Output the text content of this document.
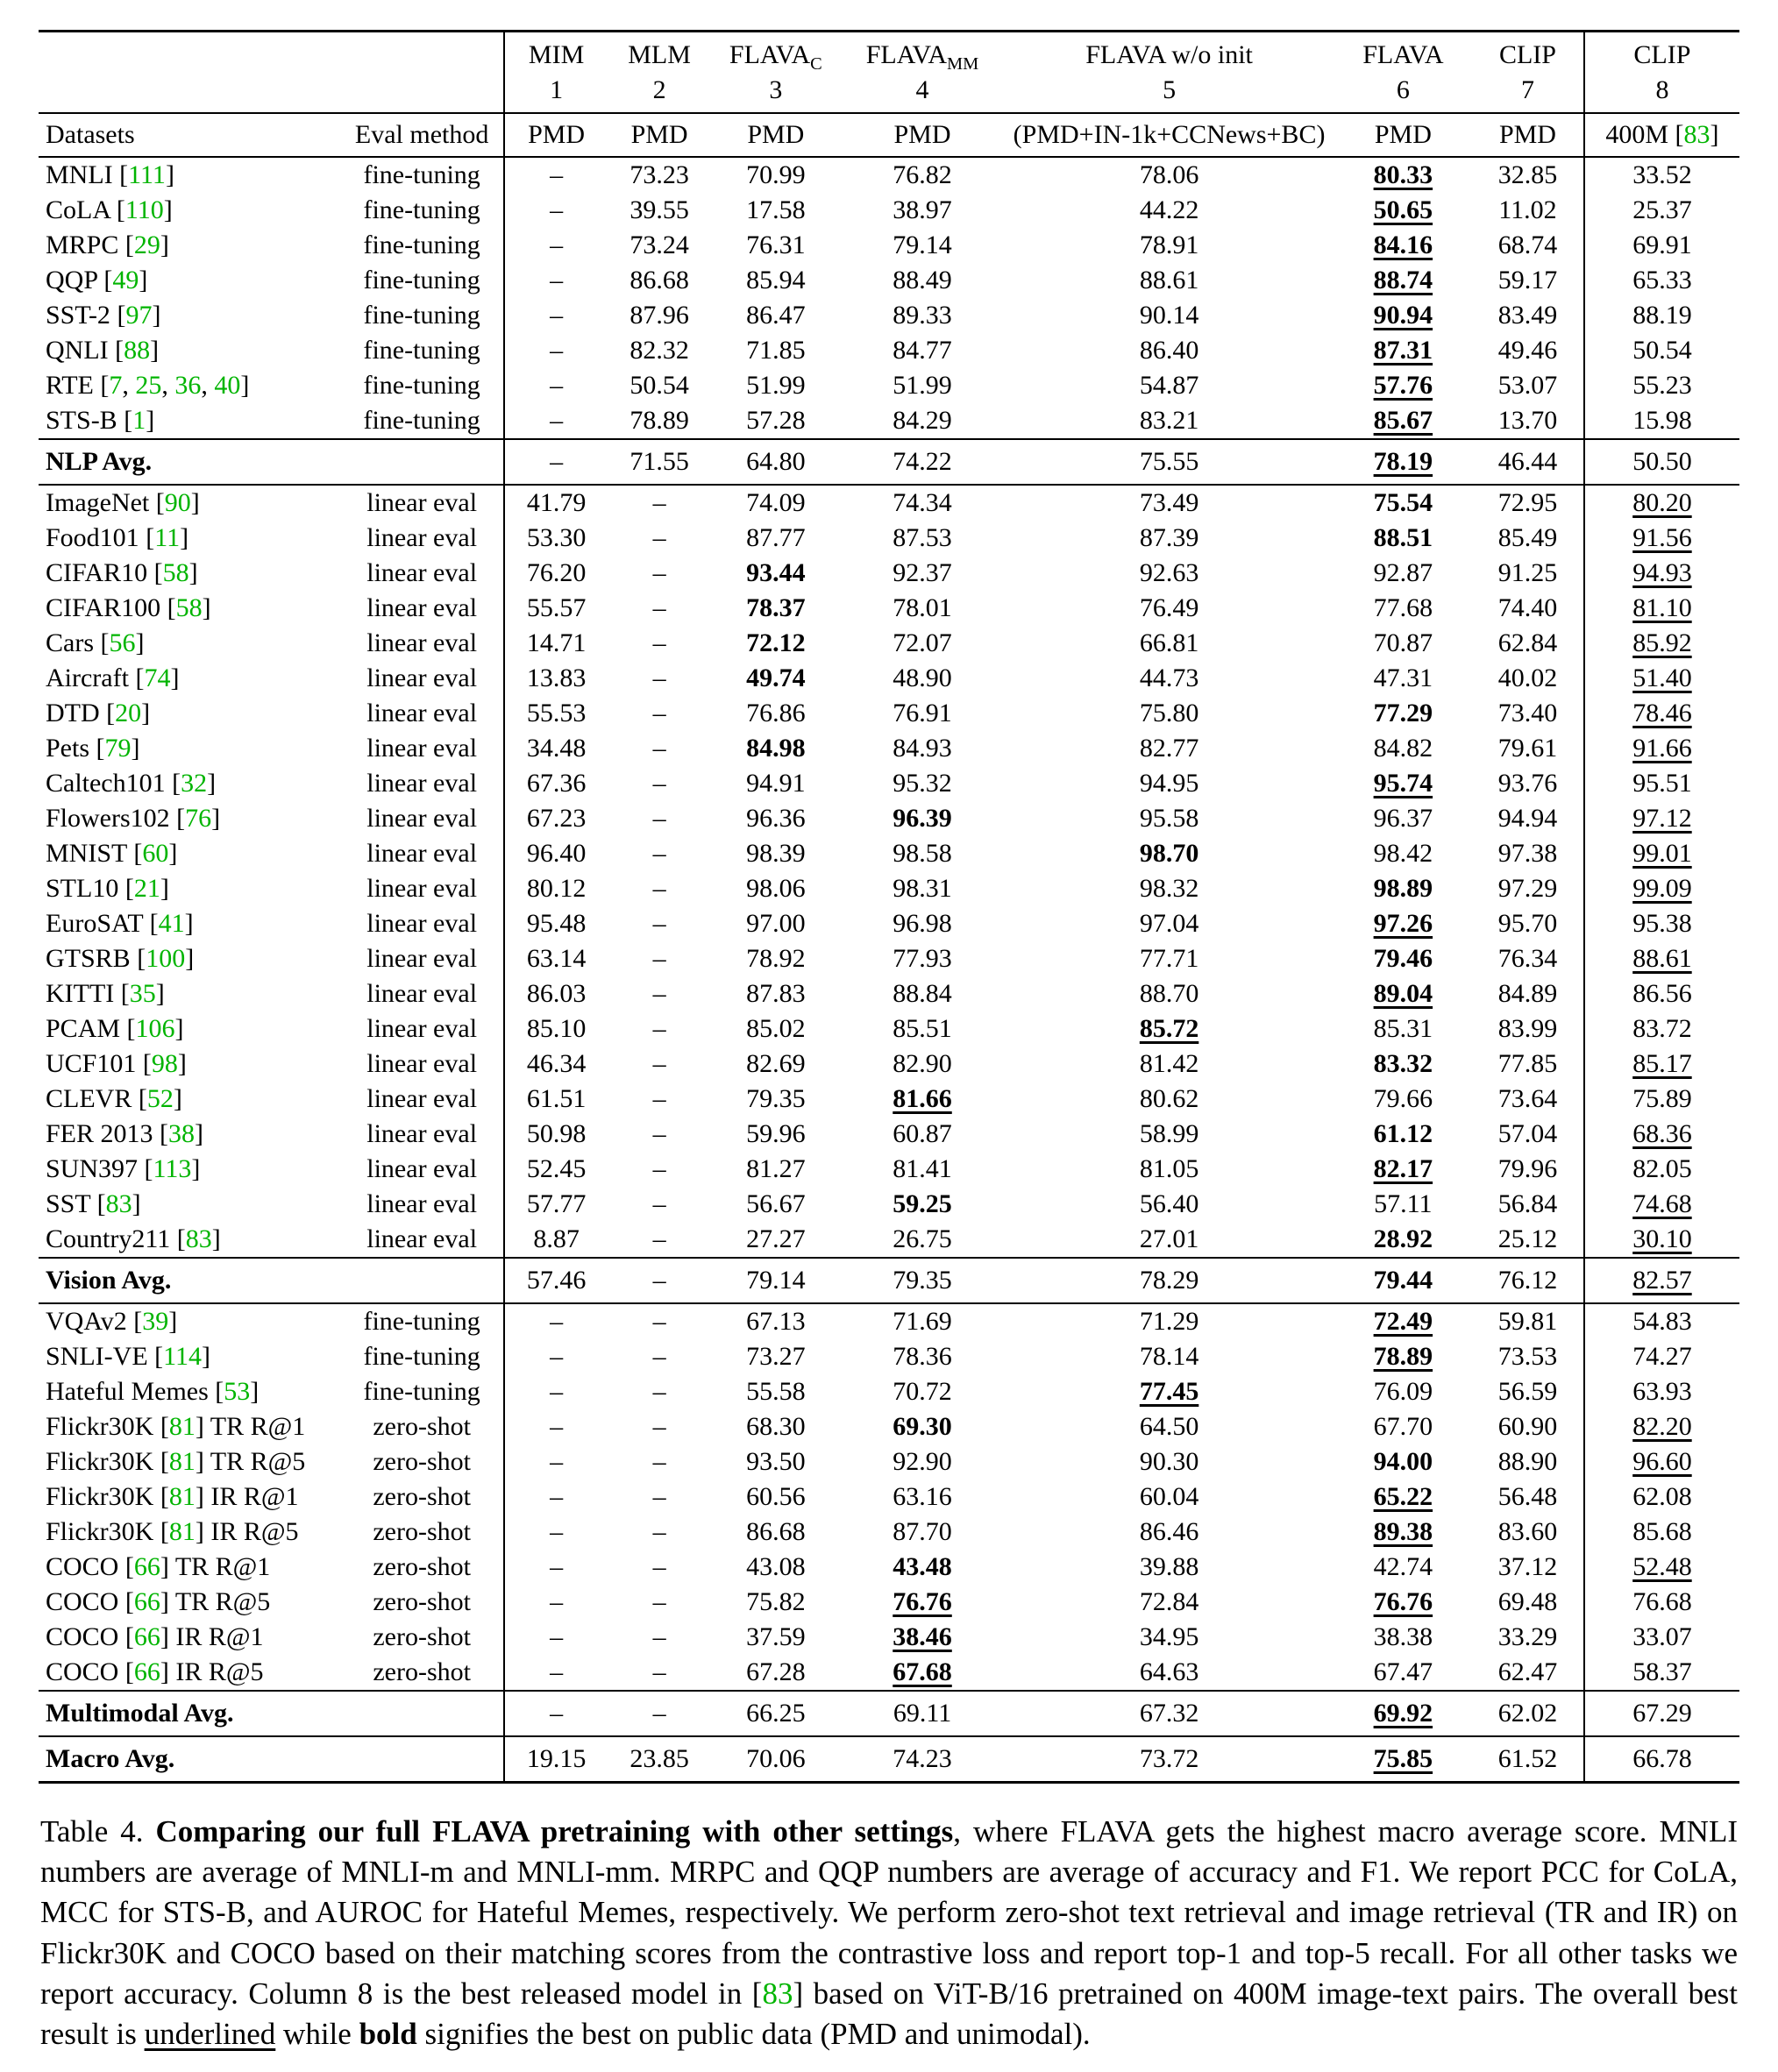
		MIM	MLM	$FLAVA_C$	$FLAVA_{MM}$	FLAVA w/o init	FLAVA	CLIP	CLIP
		1	2	3	4	5	6	7	8
Datasets	Eval method	PMD	PMD	PMD	PMD	(PMD+IN-1k+CCNews+BC)	PMD	PMD	400M [83]
MNLI [111]	fine-tuning	–	73.23	70.99	76.82	78.06	80.33	32.85	33.52
CoLA [110]	fine-tuning	–	39.55	17.58	38.97	44.22	50.65	11.02	25.37
MRPC [29]	fine-tuning	–	73.24	76.31	79.14	78.91	84.16	68.74	69.91
QQP [49]	fine-tuning	–	86.68	85.94	88.49	88.61	88.74	59.17	65.33
SST-2 [97]	fine-tuning	–	87.96	86.47	89.33	90.14	90.94	83.49	88.19
QNLI [88]	fine-tuning	–	82.32	71.85	84.77	86.40	87.31	49.46	50.54
RTE [7, 25, 36, 40]	fine-tuning	–	50.54	51.99	51.99	54.87	57.76	53.07	55.23
STS-B [1]	fine-tuning	–	78.89	57.28	84.29	83.21	85.67	13.70	15.98
NLP Avg.		–	71.55	64.80	74.22	75.55	78.19	46.44	50.50
ImageNet [90]	linear eval	41.79	–	74.09	74.34	73.49	75.54	72.95	80.20
Food101 [11]	linear eval	53.30	–	87.77	87.53	87.39	88.51	85.49	91.56
CIFAR10 [58]	linear eval	76.20	–	93.44	92.37	92.63	92.87	91.25	94.93
CIFAR100 [58]	linear eval	55.57	–	78.37	78.01	76.49	77.68	74.40	81.10
Cars [56]	linear eval	14.71	–	72.12	72.07	66.81	70.87	62.84	85.92
Aircraft [74]	linear eval	13.83	–	49.74	48.90	44.73	47.31	40.02	51.40
DTD [20]	linear eval	55.53	–	76.86	76.91	75.80	77.29	73.40	78.46
Pets [79]	linear eval	34.48	–	84.98	84.93	82.77	84.82	79.61	91.66
Caltech101 [32]	linear eval	67.36	–	94.91	95.32	94.95	95.74	93.76	95.51
Flowers102 [76]	linear eval	67.23	–	96.36	96.39	95.58	96.37	94.94	97.12
MNIST [60]	linear eval	96.40	–	98.39	98.58	98.70	98.42	97.38	99.01
STL10 [21]	linear eval	80.12	–	98.06	98.31	98.32	98.89	97.29	99.09
EuroSAT [41]	linear eval	95.48	–	97.00	96.98	97.04	97.26	95.70	95.38
GTSRB [100]	linear eval	63.14	–	78.92	77.93	77.71	79.46	76.34	88.61
KITTI [35]	linear eval	86.03	–	87.83	88.84	88.70	89.04	84.89	86.56
PCAM [106]	linear eval	85.10	–	85.02	85.51	85.72	85.31	83.99	83.72
UCF101 [98]	linear eval	46.34	–	82.69	82.90	81.42	83.32	77.85	85.17
CLEVR [52]	linear eval	61.51	–	79.35	81.66	80.62	79.66	73.64	75.89
FER 2013 [38]	linear eval	50.98	–	59.96	60.87	58.99	61.12	57.04	68.36
SUN397 [113]	linear eval	52.45	–	81.27	81.41	81.05	82.17	79.96	82.05
SST [83]	linear eval	57.77	–	56.67	59.25	56.40	57.11	56.84	74.68
Country211 [83]	linear eval	8.87	–	27.27	26.75	27.01	28.92	25.12	30.10
Vision Avg.		57.46	–	79.14	79.35	78.29	79.44	76.12	82.57
VQAv2 [39]	fine-tuning	–	–	67.13	71.69	71.29	72.49	59.81	54.83
SNLI-VE [114]	fine-tuning	–	–	73.27	78.36	78.14	78.89	73.53	74.27
Hateful Memes [53]	fine-tuning	–	–	55.58	70.72	77.45	76.09	56.59	63.93
Flickr30K [81] TR R@1	zero-shot	–	–	68.30	69.30	64.50	67.70	60.90	82.20
Flickr30K [81] TR R@5	zero-shot	–	–	93.50	92.90	90.30	94.00	88.90	96.60
Flickr30K [81] IR R@1	zero-shot	–	–	60.56	63.16	60.04	65.22	56.48	62.08
Flickr30K [81] IR R@5	zero-shot	–	–	86.68	87.70	86.46	89.38	83.60	85.68
COCO [66] TR R@1	zero-shot	–	–	43.08	43.48	39.88	42.74	37.12	52.48
COCO [66] TR R@5	zero-shot	–	–	75.82	76.76	72.84	76.76	69.48	76.68
COCO [66] IR R@1	zero-shot	–	–	37.59	38.46	34.95	38.38	33.29	33.07
COCO [66] IR R@5	zero-shot	–	–	67.28	67.68	64.63	67.47	62.47	58.37
Multimodal Avg.		–	–	66.25	69.11	67.32	69.92	62.02	67.29
Macro Avg.		19.15	23.85	70.06	74.23	73.72	75.85	61.52	66.78

Table 4. Comparing our full FLAVA pretraining with other settings, where FLAVA gets the highest macro average score. MNLI numbers are average of MNLI-m and MNLI-mm. MRPC and QQP numbers are average of accuracy and F1. We report PCC for CoLA, MCC for STS-B, and AUROC for Hateful Memes, respectively. We perform zero-shot text retrieval and image retrieval (TR and IR) on Flickr30K and COCO based on their matching scores from the contrastive loss and report top-1 and top-5 recall. For all other tasks we report accuracy. Column 8 is the best released model in [83] based on ViT-B/16 pretrained on 400M image-text pairs. The overall best result is underlined while bold signifies the best on public data (PMD and unimodal).
